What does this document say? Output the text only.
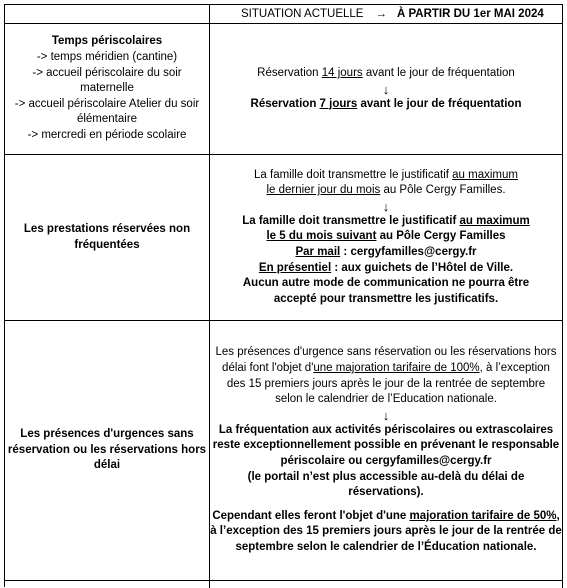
SITUATION ACTUELLE → À PARTIR DU 1er MAI 2024
Temps périscolaires
-> temps méridien (cantine)
-> accueil périscolaire du soir
maternelle
-> accueil périscolaire Atelier du soir
élémentaire
-> mercredi en période scolaire
Réservation 14 jours avant le jour de fréquentation
↓
Réservation 7 jours avant le jour de fréquentation
Les prestations réservées non
fréquentées
La famille doit transmettre le justificatif au maximum
le dernier jour du mois au Pôle Cergy Familles.
↓
La famille doit transmettre le justificatif au maximum
le 5 du mois suivant au Pôle Cergy Familles
Par mail : cergyfamilles@cergy.fr
En présentiel : aux guichets de l’Hôtel de Ville.
Aucun autre mode de communication ne pourra être
accepté pour transmettre les justificatifs.
Les présences d'urgences sans
réservation ou les réservations hors
délai
Les présences d'urgence sans réservation ou les réservations hors
délai font l'objet d'une majoration tarifaire de 100%, à l’exception
des 15 premiers jours après le jour de la rentrée de septembre
selon le calendrier de l’Education nationale.
↓
La fréquentation aux activités périscolaires ou extrascolaires
reste exceptionnellement possible en prévenant le responsable
périscolaire ou cergyfamilles@cergy.fr
(le portail n’est plus accessible au-delà du délai de réservations).
Cependant elles feront l'objet d'une majoration tarifaire de 50%,
à l’exception des 15 premiers jours après le jour de la rentrée de
septembre selon le calendrier de l’Éducation nationale.
